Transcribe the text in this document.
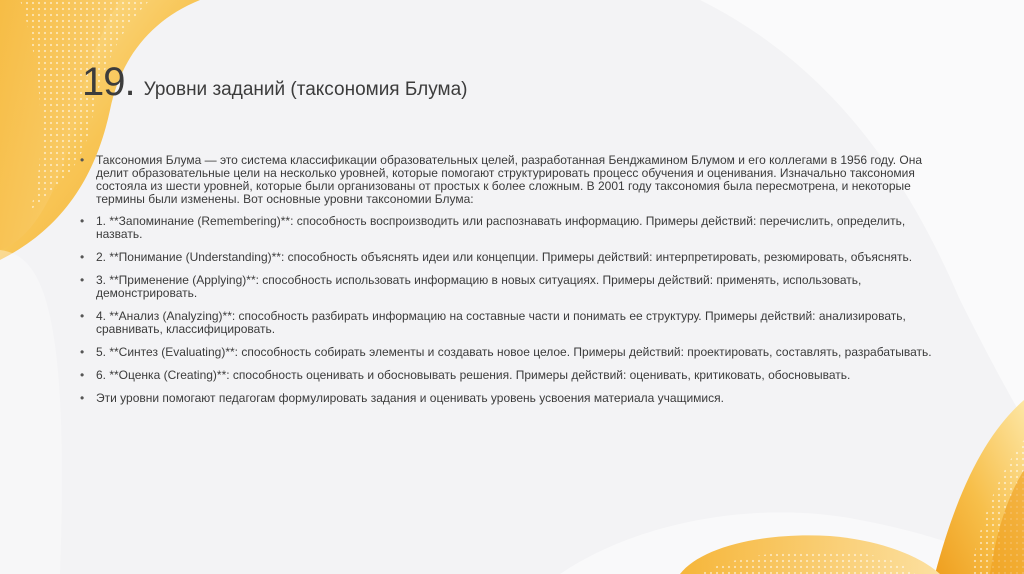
19 . Уровни заданий (таксономия Блума)
• Таксономия Блума — это система классификации образовательных целей, разработанная Бенджамином Блумом и его коллегами в 1956 году. Она делит образовательные цели на несколько уровней, которые помогают структурировать процесс обучения и оценивания. Изначально таксономия состояла из шести уровней, которые были организованы от простых к более сложным. В 2001 году таксономия была пересмотрена, и некоторые термины были изменены. Вот основные уровни таксономии Блума:
• 1. **Запоминание (Remembering)**: способность воспроизводить или распознавать информацию. Примеры действий: перечислить, определить, назвать.
• 2. **Понимание (Understanding)**: способность объяснять идеи или концепции. Примеры действий: интерпретировать, резюмировать, объяснять.
• 3. **Применение (Applying)**: способность использовать информацию в новых ситуациях. Примеры действий: применять, использовать, демонстрировать.
• 4. **Анализ (Analyzing)**: способность разбирать информацию на составные части и понимать ее структуру. Примеры действий: анализировать, сравнивать, классифицировать.
• 5. **Синтез (Evaluating)**: способность собирать элементы и создавать новое целое. Примеры действий: проектировать, составлять, разрабатывать.
• 6. **Оценка (Creating)**: способность оценивать и обосновывать решения. Примеры действий: оценивать, критиковать, обосновывать.
• Эти уровни помогают педагогам формулировать задания и оценивать уровень усвоения материала учащимися.
